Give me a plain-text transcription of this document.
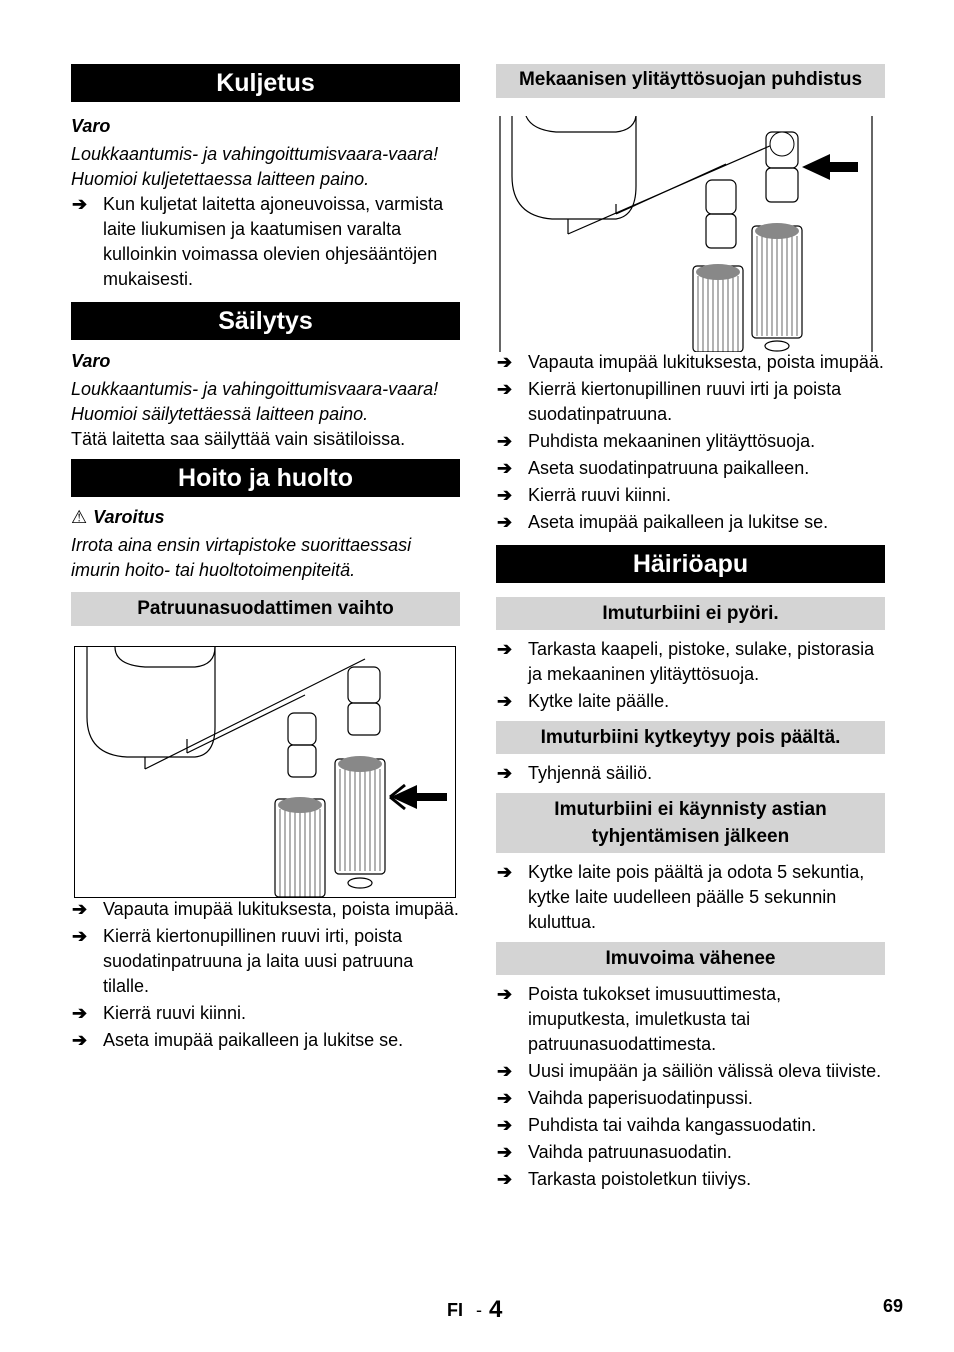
Kuljetus

Varo

Loukkaantumis- ja vahingoittumisvaara-vaara! Huomioi kuljetettaessa laitteen paino.

➔ Kun kuljetat laitetta ajoneuvoissa, varmista laite liukumisen ja kaatumisen varalta kulloinkin voimassa olevien ohjesääntöjen mukaisesti.
Säilytys

Varo

Loukkaantumis- ja vahingoittumisvaara-vaara! Huomioi säilytettäessä laitteen paino.

Tätä laitetta saa säilyttää vain sisätiloissa.

Hoito ja huolto

⚠ Varoitus

Irrota aina ensin virtapistoke suorittaessasi imurin hoito- tai huoltotoimenpiteitä.

Patruunasuodattimen vaihto
➔ Vapauta imupää lukituksesta, poista imupää.
➔ Kierrä kiertonupillinen ruuvi irti, poista suodatinpatruuna ja laita uusi patruuna tilalle.
➔ Kierrä ruuvi kiinni.
➔ Aseta imupää paikalleen ja lukitse se.
Mekaanisen ylitäyttösuojan puhdistus
➔ Vapauta imupää lukituksesta, poista imupää.
➔ Kierrä kiertonupillinen ruuvi irti ja poista suodatinpatruuna.
➔ Puhdista mekaaninen ylitäyttösuoja.
➔ Aseta suodatinpatruuna paikalleen.
➔ Kierrä ruuvi kiinni.
➔ Aseta imupää paikalleen ja lukitse se.
Häiriöapu
Imuturbiini ei pyöri.
➔ Tarkasta kaapeli, pistoke, sulake, pistorasia ja mekaaninen ylitäyttösuoja.
➔ Kytke laite päälle.
Imuturbiini kytkeytyy pois päältä.
➔ Tyhjennä säiliö.
Imuturbiini ei käynnisty astian tyhjentämisen jälkeen
➔ Kytke laite pois päältä ja odota 5 sekuntia, kytke laite uudelleen päälle 5 sekunnin kuluttua.
Imuvoima vähenee
➔ Poista tukokset imusuuttimesta, imuputkesta, imuletkusta tai patruunasuodattimesta.
➔ Uusi imupään ja säiliön välissä oleva tiiviste.
➔ Vaihda paperisuodatinpussi.
➔ Puhdista tai vaihda kangassuodatin.
➔ Vaihda patruunasuodatin.
➔ Tarkasta poistoletkun tiiviys.
FI - 4	69
